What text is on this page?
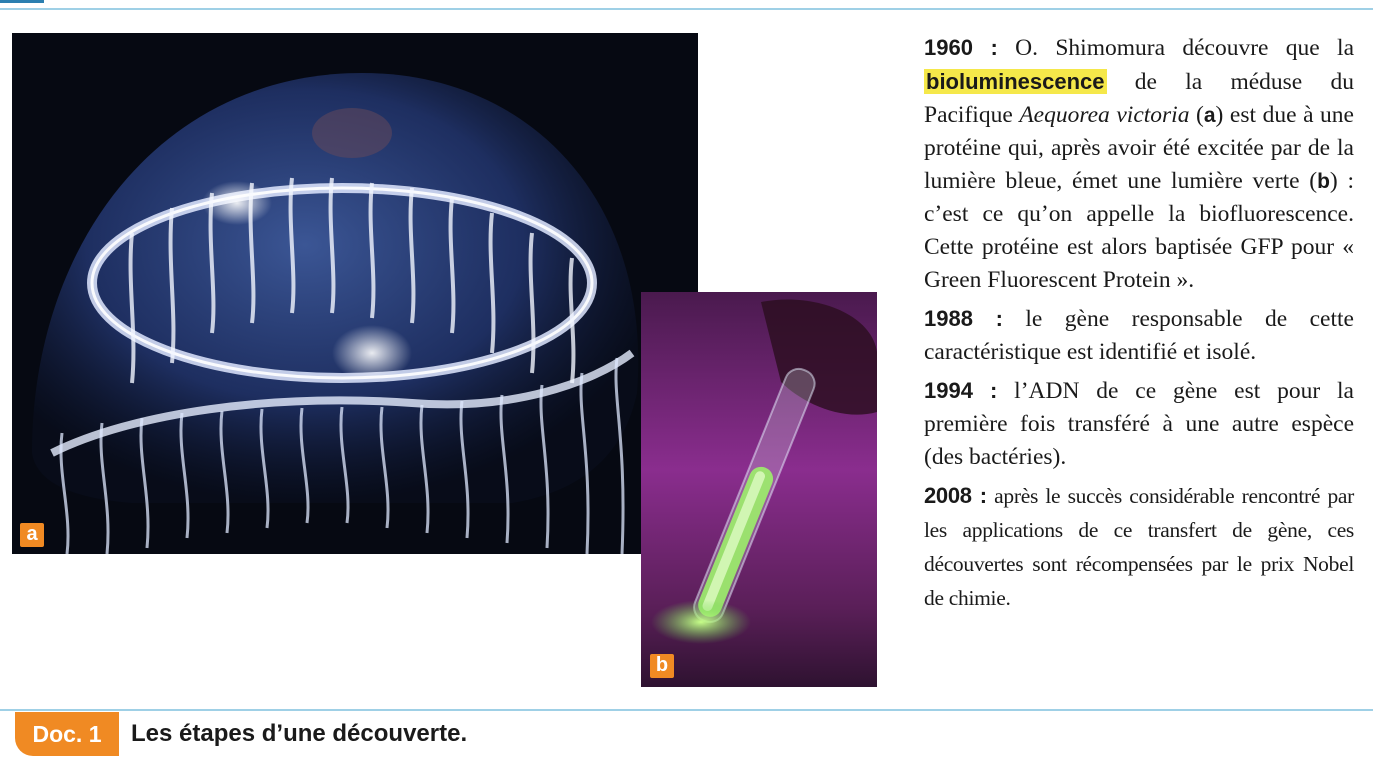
a
b

1960 : O. Shimomura découvre que la bioluminescence de la méduse du Pacifique Aequorea victoria (a) est due à une protéine qui, après avoir été excitée par de la lumière bleue, émet une lumière verte (b) : c’est ce qu’on appelle la biofluorescence. Cette protéine est alors baptisée GFP pour « Green Fluorescent Protein ».

1988 : le gène responsable de cette caractéristique est identifié et isolé.

1994 : l’ADN de ce gène est pour la première fois transféré à une autre espèce (des bactéries).

2008 : après le succès considérable rencontré par les applications de ce transfert de gène, ces découvertes sont récompensées par le prix Nobel de chimie.

Doc. 1	Les étapes d’une découverte.
